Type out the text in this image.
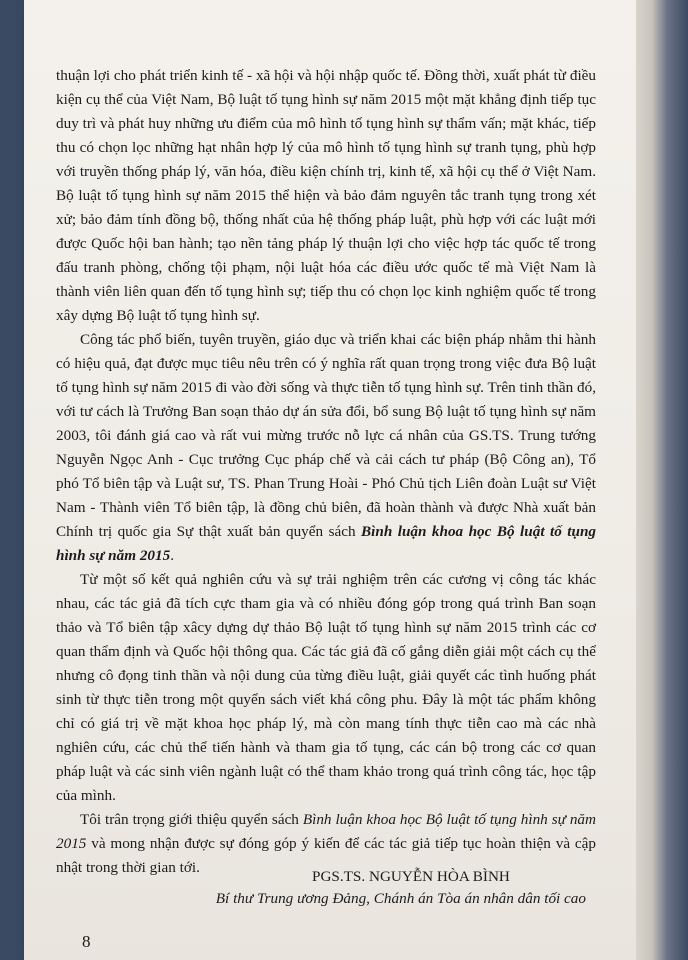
thuận lợi cho phát triển kinh tế - xã hội và hội nhập quốc tế. Đồng thời, xuất phát từ điều kiện cụ thể của Việt Nam, Bộ luật tố tụng hình sự năm 2015 một mặt khẳng định tiếp tục duy trì và phát huy những ưu điểm của mô hình tố tụng hình sự thẩm vấn; mặt khác, tiếp thu có chọn lọc những hạt nhân hợp lý của mô hình tố tụng hình sự tranh tụng, phù hợp với truyền thống pháp lý, văn hóa, điều kiện chính trị, kinh tế, xã hội cụ thể ở Việt Nam. Bộ luật tố tụng hình sự năm 2015 thể hiện và bảo đảm nguyên tắc tranh tụng trong xét xử; bảo đảm tính đồng bộ, thống nhất của hệ thống pháp luật, phù hợp với các luật mới được Quốc hội ban hành; tạo nền tảng pháp lý thuận lợi cho việc hợp tác quốc tế trong đấu tranh phòng, chống tội phạm, nội luật hóa các điều ước quốc tế mà Việt Nam là thành viên liên quan đến tố tụng hình sự; tiếp thu có chọn lọc kinh nghiệm quốc tế trong xây dựng Bộ luật tố tụng hình sự.

Công tác phổ biến, tuyên truyền, giáo dục và triển khai các biện pháp nhằm thi hành có hiệu quả, đạt được mục tiêu nêu trên có ý nghĩa rất quan trọng trong việc đưa Bộ luật tố tụng hình sự năm 2015 đi vào đời sống và thực tiễn tố tụng hình sự. Trên tinh thần đó, với tư cách là Trưởng Ban soạn thảo dự án sửa đổi, bổ sung Bộ luật tố tụng hình sự năm 2003, tôi đánh giá cao và rất vui mừng trước nỗ lực cá nhân của GS.TS. Trung tướng Nguyễn Ngọc Anh - Cục trưởng Cục pháp chế và cải cách tư pháp (Bộ Công an), Tổ phó Tổ biên tập và Luật sư, TS. Phan Trung Hoài - Phó Chủ tịch Liên đoàn Luật sư Việt Nam - Thành viên Tổ biên tập, là đồng chủ biên, đã hoàn thành và được Nhà xuất bản Chính trị quốc gia Sự thật xuất bản quyển sách Bình luận khoa học Bộ luật tố tụng hình sự năm 2015.

Từ một số kết quả nghiên cứu và sự trải nghiệm trên các cương vị công tác khác nhau, các tác giả đã tích cực tham gia và có nhiều đóng góp trong quá trình Ban soạn thảo và Tổ biên tập xâcy dựng dự thảo Bộ luật tố tụng hình sự năm 2015 trình các cơ quan thẩm định và Quốc hội thông qua. Các tác giả đã cố gắng diễn giải một cách cụ thể nhưng cô đọng tinh thần và nội dung của từng điều luật, giải quyết các tình huống phát sinh từ thực tiễn trong một quyển sách viết khá công phu. Đây là một tác phẩm không chỉ có giá trị về mặt khoa học pháp lý, mà còn mang tính thực tiễn cao mà các nhà nghiên cứu, các chủ thể tiến hành và tham gia tố tụng, các cán bộ trong các cơ quan pháp luật và các sinh viên ngành luật có thể tham khảo trong quá trình công tác, học tập của mình.

Tôi trân trọng giới thiệu quyển sách Bình luận khoa học Bộ luật tố tụng hình sự năm 2015 và mong nhận được sự đóng góp ý kiến để các tác giả tiếp tục hoàn thiện và cập nhật trong thời gian tới.

PGS.TS. NGUYỄN HÒA BÌNH
Bí thư Trung ương Đảng, Chánh án Tòa án nhân dân tối cao
8
